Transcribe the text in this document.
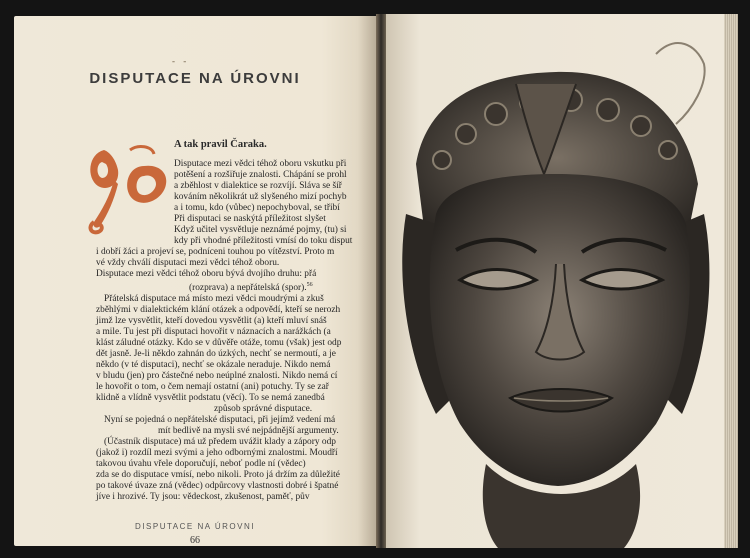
- -
DISPUTACE NA ÚROVNI
A tak pravil Čaraka.
Disputace mezi vědci téhož oboru vskutku při
potěšení a rozšiřuje znalosti. Chápání se prohl
a zběhlost v dialektice se rozvíjí. Sláva se šíř
kováním několikrát už slyšeného mizí pochyb
a i tomu, kdo (vůbec) nepochyboval, se třibí
Při disputaci se naskýtá příležitost slyšet
Když učitel vysvětluje neznámé pojmy, (tu) si
kdy při vhodné příležitosti vmísí do toku disput
i dobří žáci a projeví se, podníceni touhou po vítězství. Proto m
vé vždy chválí disputaci mezi vědci téhož oboru.
Disputace mezi vědci téhož oboru bývá dvojího druhu: přá
(rozprava) a nepřátelská (spor).$^{56}$
Přátelská disputace má místo mezi vědci moudrými a zkuš
zběhlými v dialektickém klání otázek a odpovědí, kteří se nerozh
jimž lze vysvětlit, kteří dovedou vysvětlit (a) kteří mluví snáš
a mile. Tu jest při disputaci hovořit v náznacích a narážkách (a
klást záludné otázky. Kdo se v důvěře otáže, tomu (však) jest odp
dět jasně. Je-li někdo zahnán do úzkých, nechť se nermoutí, a je
někdo (v té disputaci), nechť se okázale neraduje. Nikdo nemá
v bludu (jen) pro částečné nebo neúplné znalosti. Nikdo nemá cí
le hovořit o tom, o čem nemají ostatní (ani) potuchy. Ty se zař
klidně a vlídně vysvětlit podstatu (věcí). To se nemá zanedbá
způsob správné disputace.
Nyní se pojedná o nepřátelské disputaci, při jejímž vedení má
mít bedlivě na mysli své nejpádnější argumenty.
(Účastník disputace) má už předem uvážit klady a zápory odp
(jakož i) rozdíl mezi svými a jeho odbornými znalostmi. Moudří
takovou úvahu vřele doporučují, neboť podle ní (vědec)
zda se do disputace vmísí, nebo nikoli. Proto já držím za důležité
po takové úvaze zná (vědec) odpůrcovy vlastnosti dobré i špatné
jíve i hrozivé. Ty jsou: vědeckost, zkušenost, paměť, pův
DISPUTACE NA ÚROVNI
66
